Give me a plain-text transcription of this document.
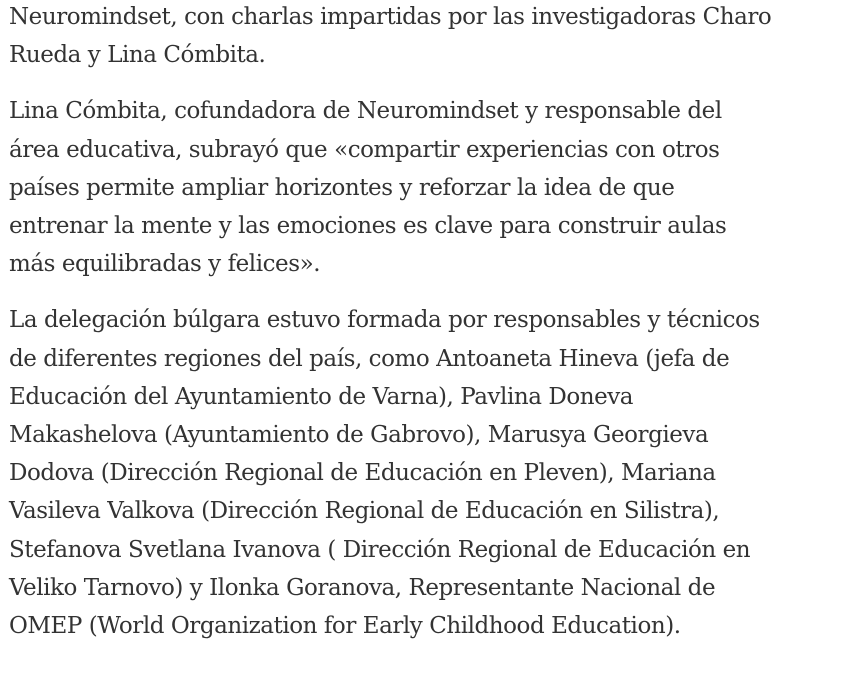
Neuromindset, con charlas impartidas por las investigadoras Charo
Rueda y Lina Cómbita.

Lina Cómbita, cofundadora de Neuromindset y responsable del
área educativa, subrayó que «compartir experiencias con otros
países permite ampliar horizontes y reforzar la idea de que
entrenar la mente y las emociones es clave para construir aulas
más equilibradas y felices».

La delegación búlgara estuvo formada por responsables y técnicos
de diferentes regiones del país, como Antoaneta Hineva (jefa de
Educación del Ayuntamiento de Varna), Pavlina Doneva
Makashelova (Ayuntamiento de Gabrovo), Marusya Georgieva
Dodova (Dirección Regional de Educación en Pleven), Mariana
Vasileva Valkova (Dirección Regional de Educación en Silistra),
Stefanova Svetlana Ivanova ( Dirección Regional de Educación en
Veliko Tarnovo) y Ilonka Goranova, Representante Nacional de
OMEP (World Organization for Early Childhood Education).
